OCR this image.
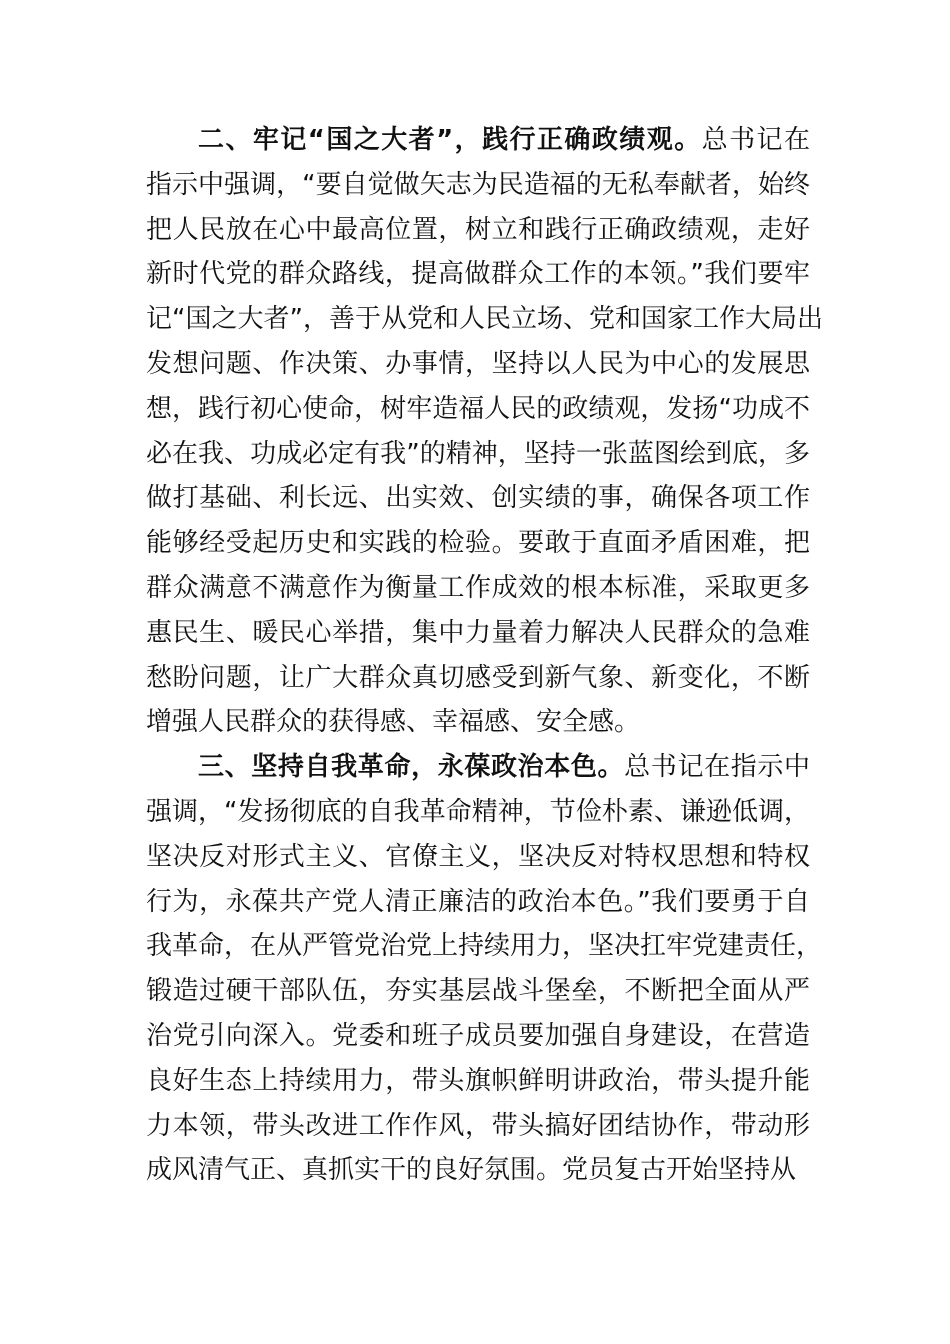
二、牢记“国之大者”，践行正确政绩观。总书记在
指示中强调，“要自觉做矢志为民造福的无私奉献者，始终
把人民放在心中最高位置，树立和践行正确政绩观，走好
新时代党的群众路线，提高做群众工作的本领。”我们要牢
记“国之大者”，善于从党和人民立场、党和国家工作大局出
发想问题、作决策、办事情，坚持以人民为中心的发展思
想，践行初心使命，树牢造福人民的政绩观，发扬“功成不
必在我、功成必定有我”的精神，坚持一张蓝图绘到底，多
做打基础、利长远、出实效、创实绩的事，确保各项工作
能够经受起历史和实践的检验。要敢于直面矛盾困难，把
群众满意不满意作为衡量工作成效的根本标准，采取更多
惠民生、暖民心举措，集中力量着力解决人民群众的急难
愁盼问题，让广大群众真切感受到新气象、新变化，不断
增强人民群众的获得感、幸福感、安全感。
三、坚持自我革命，永葆政治本色。总书记在指示中
强调，“发扬彻底的自我革命精神，节俭朴素、谦逊低调，
坚决反对形式主义、官僚主义，坚决反对特权思想和特权
行为，永葆共产党人清正廉洁的政治本色。”我们要勇于自
我革命，在从严管党治党上持续用力，坚决扛牢党建责任，
锻造过硬干部队伍，夯实基层战斗堡垒，不断把全面从严
治党引向深入。党委和班子成员要加强自身建设，在营造
良好生态上持续用力，带头旗帜鲜明讲政治，带头提升能
力本领，带头改进工作作风，带头搞好团结协作，带动形
成风清气正、真抓实干的良好氛围。党员复古开始坚持从
